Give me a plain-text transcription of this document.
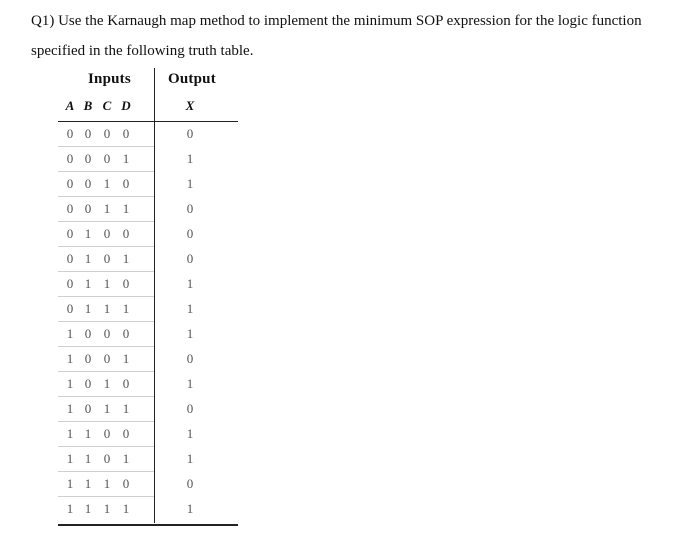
Q1) Use the Karnaugh map method to implement the minimum SOP expression for the logic function specified in the following truth table.

Inputs Output
A B C D	X
0 0 0 0	0
0 0 0 1	1
0 0 1 0	1
0 0 1 1	0
0 1 0 0	0
0 1 0 1	0
0 1 1 0	1
0 1 1 1	1
1 0 0 0	1
1 0 0 1	0
1 0 1 0	1
1 0 1 1	0
1 1 0 0	1
1 1 0 1	1
1 1 1 0	0
1 1 1 1	1
